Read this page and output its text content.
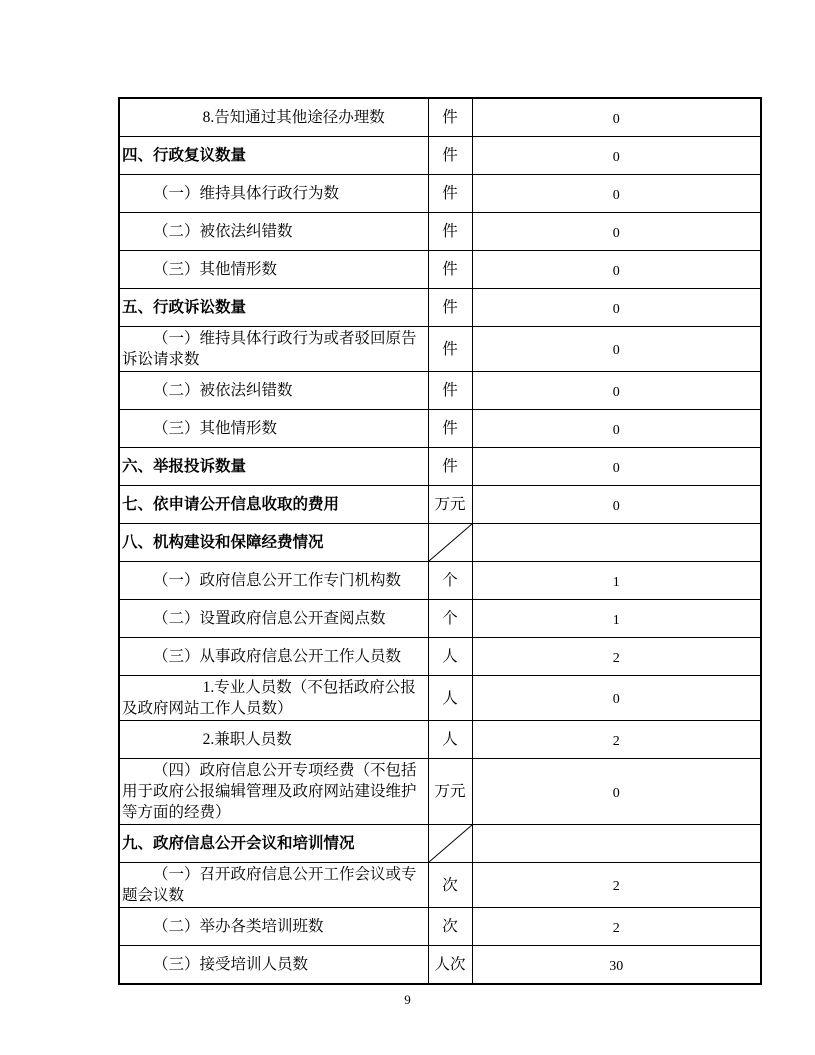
8.告知通过其他途径办理数	件	0
四、行政复议数量	件	0
（一）维持具体行政行为数	件	0
（二）被依法纠错数	件	0
（三）其他情形数	件	0
五、行政诉讼数量	件	0
（一）维持具体行政行为或者驳回原告诉讼请求数	件	0
（二）被依法纠错数	件	0
（三）其他情形数	件	0
六、举报投诉数量	件	0
七、依申请公开信息收取的费用	万元	0
八、机构建设和保障经费情况	

（一）政府信息公开工作专门机构数	个	1
（二）设置政府信息公开查阅点数	个	1
（三）从事政府信息公开工作人员数	人	2
1.专业人员数（不包括政府公报及政府网站工作人员数）	人	0
2.兼职人员数	人	2
（四）政府信息公开专项经费（不包括用于政府公报编辑管理及政府网站建设维护等方面的经费）	万元	0
九、政府信息公开会议和培训情况	

（一）召开政府信息公开工作会议或专题会议数	次	2
（二）举办各类培训班数	次	2
（三）接受培训人员数	人次	30
9
